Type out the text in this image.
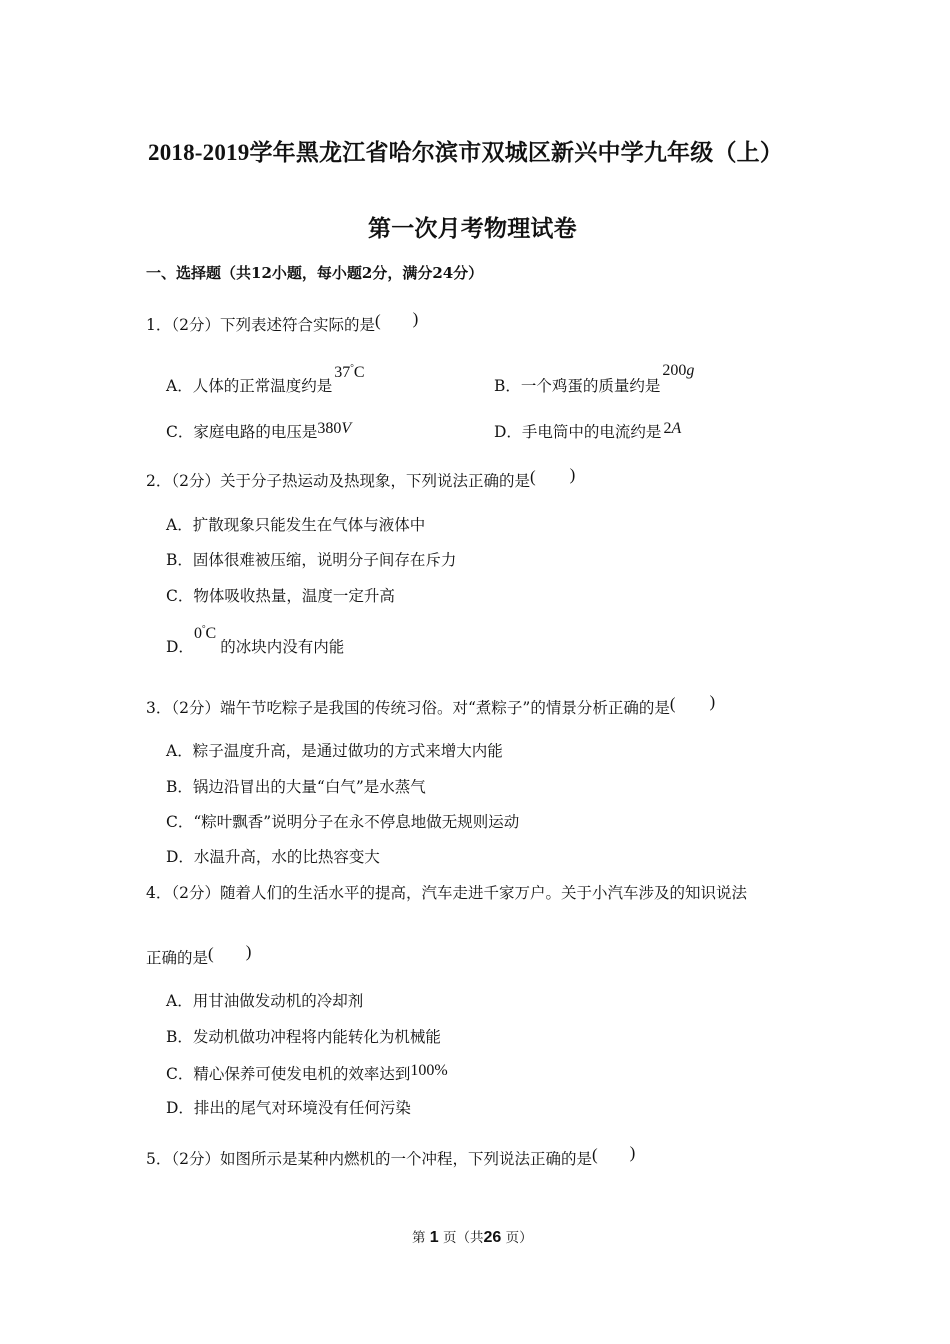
2018-2019学年黑龙江省哈尔滨市双城区新兴中学九年级（上）
第一次月考物理试卷
一、选择题（共12小题，每小题2分，满分24分）
1．（2分）下列表述符合实际的是( )
A．人体的正常温度约是37°C
B．一个鸡蛋的质量约是200g
C．家庭电路的电压是380V	D．手电筒中的电流约是 2A
2．（2分）关于分子热运动及热现象，下列说法正确的是( )
A．扩散现象只能发生在气体与液体中
B．固体很难被压缩，说明分子间存在斥力
C．物体吸收热量，温度一定升高
D．0°C的冰块内没有内能
3．（2分）端午节吃粽子是我国的传统习俗。对“煮粽子”的情景分析正确的是( )
A．粽子温度升高，是通过做功的方式来增大内能
B．锅边沿冒出的大量“白气”是水蒸气
C．“粽叶飘香”说明分子在永不停息地做无规则运动
D．水温升高，水的比热容变大
4．（2分）随着人们的生活水平的提高，汽车走进千家万户。关于小汽车涉及的知识说法
正确的是( )
A．用甘油做发动机的冷却剂
B．发动机做功冲程将内能转化为机械能
C．精心保养可使发电机的效率达到100%
D．排出的尾气对环境没有任何污染
5．（2分）如图所示是某种内燃机的一个冲程，下列说法正确的是( )
第 1 页（共26 页）
